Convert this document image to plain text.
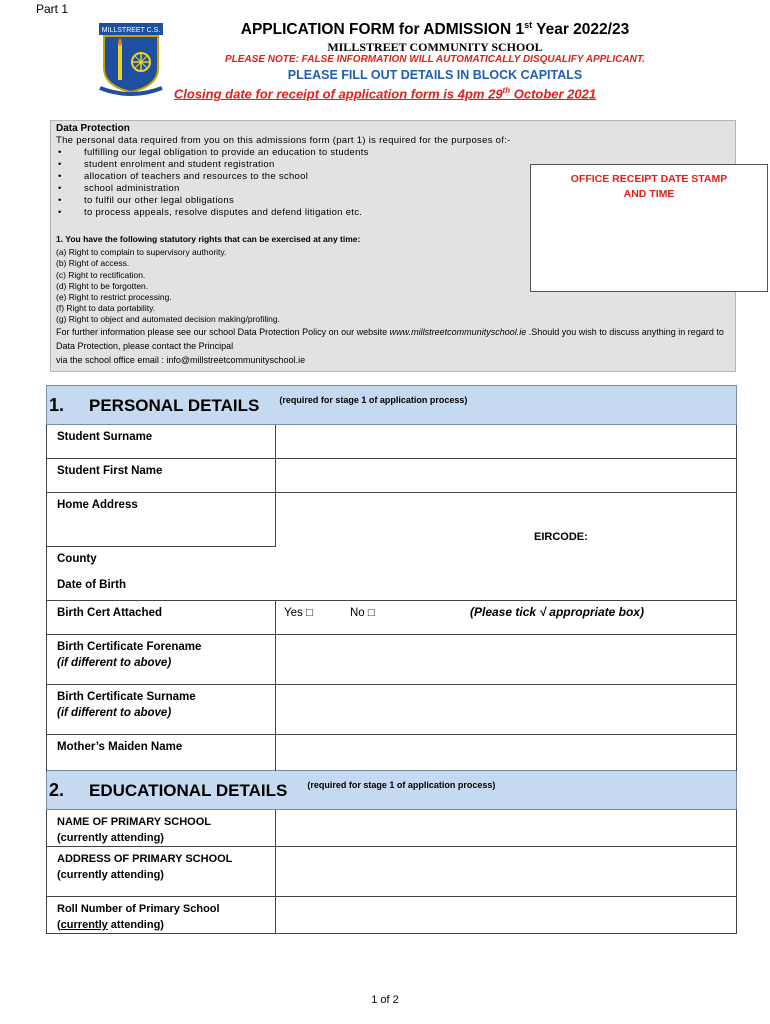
Part 1
MILLSTREET C.S.	APPLICATION FORM for ADMISSION 1st Year 2022/23
MILLSTREET COMMUNITY SCHOOL
PLEASE NOTE: FALSE INFORMATION WILL AUTOMATICALLY DISQUALIFY APPLICANT.
PLEASE FILL OUT DETAILS IN BLOCK CAPITALS
Closing date for receipt of application form is 4pm 29th October 2021
Data Protection
The personal data required from you on this admissions form (part 1) is required for the purposes of:-
• fulfilling our legal obligation to provide an education to students
• student enrolment and student registration
• allocation of teachers and resources to the school
• school administration
• to fulfil our other legal obligations
• to process appeals, resolve disputes and defend litigation etc.
1. You have the following statutory rights that can be exercised at any time:
(a) Right to complain to supervisory authority.
(b) Right of access.
(c) Right to rectification.
(d) Right to be forgotten.
(e) Right to restrict processing.
(f) Right to data portability.
(g) Right to object and automated decision making/profiling.
OFFICE RECEIPT DATE STAMP
AND TIME
For further information please see our school Data Protection Policy on our website www.millstreetcommunityschool.ie .Should you wish to discuss anything in regard to Data Protection, please contact the Principal
via the school office email : info@millstreetcommunityschool.ie
1. PERSONAL DETAILS (required for stage 1 of application process)	
Student Surname	
Student First Name	
Home Address	EIRCODE:

County	
Date of Birth	
Birth Cert Attached	Yes □ No □ (Please tick √ appropriate box)

Birth Certificate Forename
(if different to above)	

Birth Certificate Surname
(if different to above)	

Mother’s Maiden Name	
2. EDUCATIONAL DETAILS (required for stage 1 of application process)	

NAME OF PRIMARY SCHOOL
(currently attending)	

ADDRESS OF PRIMARY SCHOOL
(currently attending)	

Roll Number of Primary School
(currently attending)	

1 of 2
